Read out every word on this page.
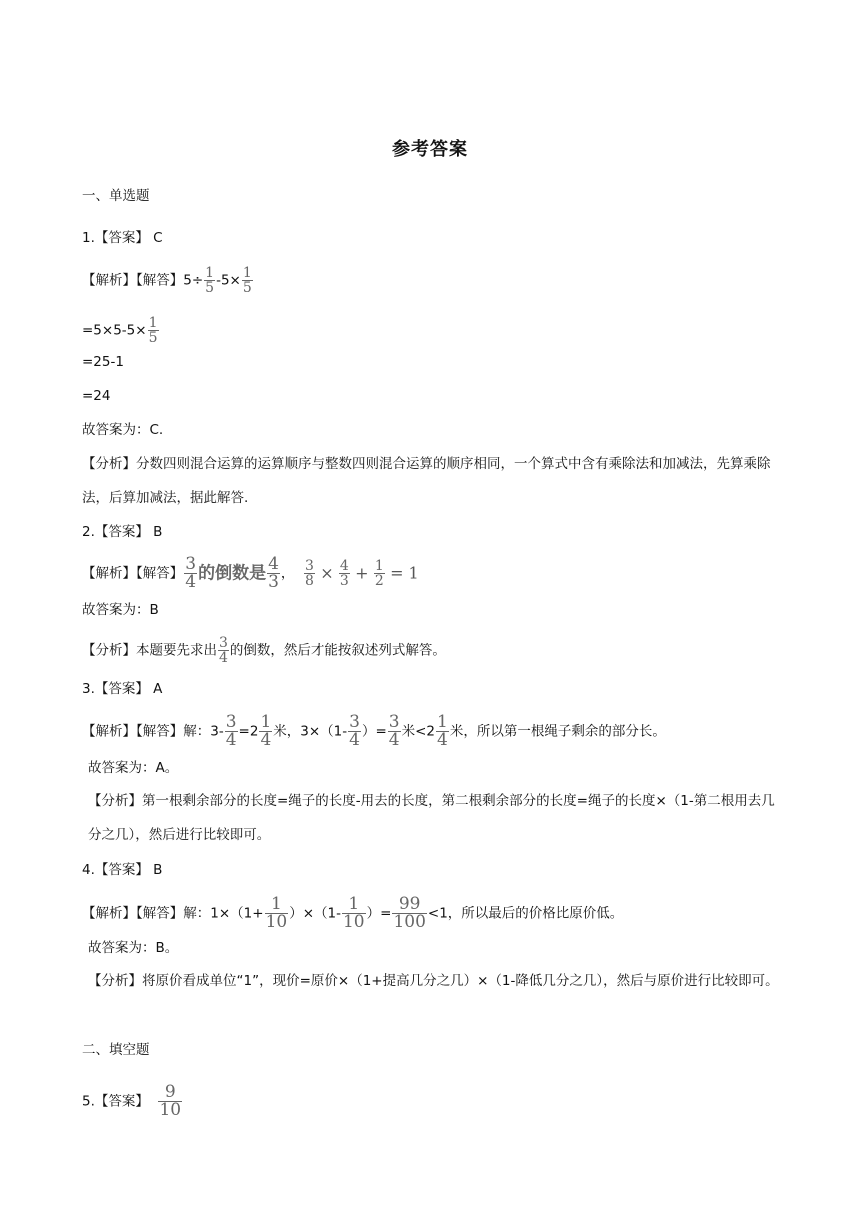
参考答案
一、单选题
1.【答案】 C
【解析】【解答】$5\div \frac{1}{5} -5\times \frac{1}{5}$
$=5\times 5-5\times \frac{1}{5}$
=25-1
=24
故答案为：C.
【分析】分数四则混合运算的运算顺序与整数四则混合运算的顺序相同，一个算式中含有乘除法和加减法，先算乘除法，后算加减法，据此解答.
2.【答案】 B
【解析】【解答】 $\frac{3}{4}$ 的倒数是 $\frac{4}{3}$ ， $\frac{3}{8} \times \frac{4}{3} + \frac{1}{2} = 1$
故答案为：B
【分析】本题要先求出 $\frac{3}{4}$ 的倒数，然后才能按叙述列式解答。
3.【答案】 A
【解析】【解答】解：$3- \frac{3}{4} =2 \frac{1}{4}$ 米，$3\times(1- \frac{3}{4}$ ）= $\frac{3}{4}$ 米$<2 \frac{1}{4}$ 米，所以第一根绳子剩余的部分长。
故答案为：A。
【分析】第一根剩余部分的长度=绳子的长度-用去的长度，第二根剩余部分的长度=绳子的长度×（1-第二根用去几分之几），然后进行比较即可。
4.【答案】 B
【解析】【解答】解：$1\times(1+ \frac{1}{10} )\times(1- \frac{1}{10}$ ）= $\frac{99}{100} <1$，所以最后的价格比原价低。
故答案为：B。
【分析】将原价看成单位“1”，现价=原价×（1+提高几分之几）×（1-降低几分之几），然后与原价进行比较即可。
二、填空题
5.【答案】 $\frac{9}{10}$
